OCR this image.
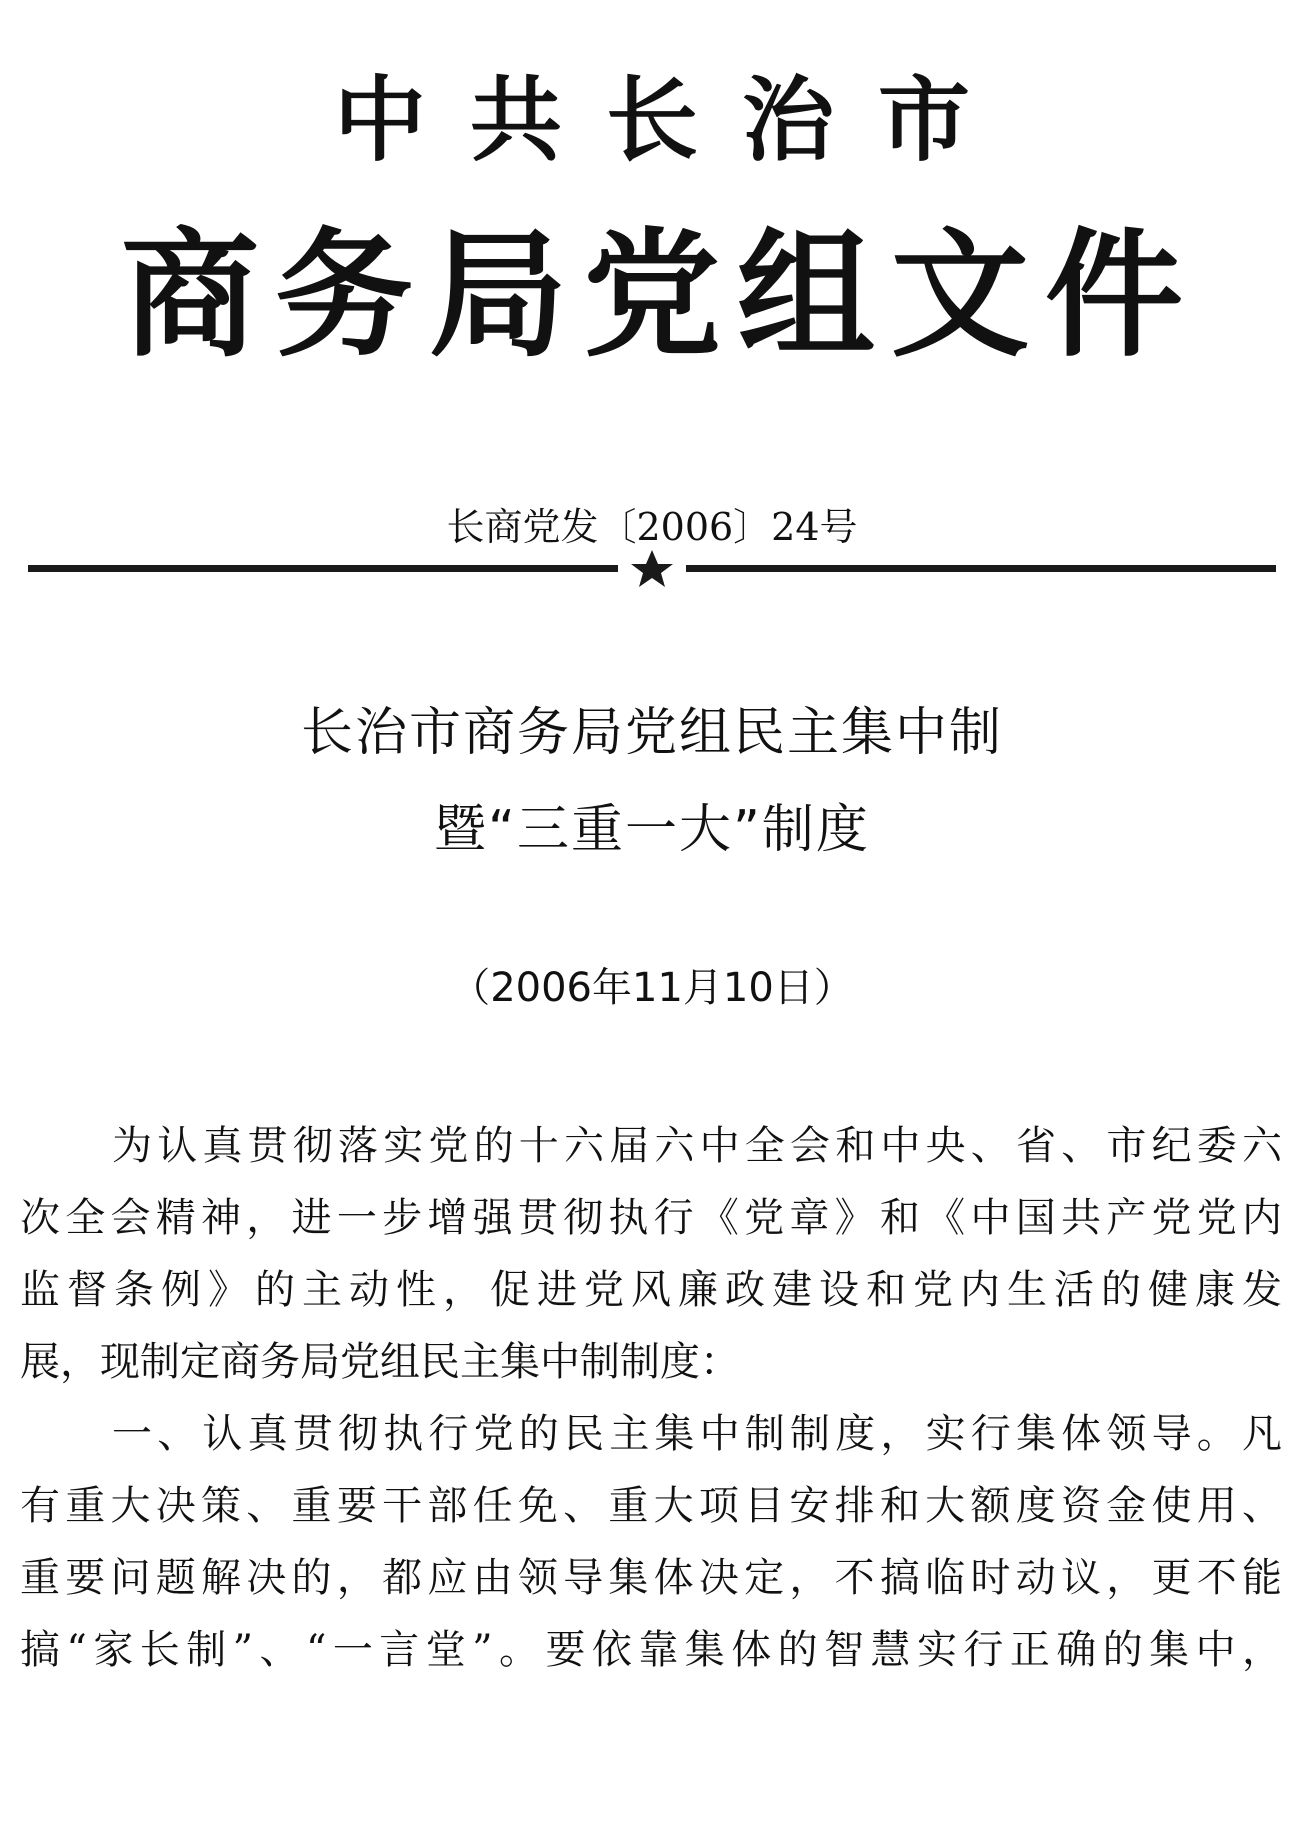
中共长治市
商务局党组文件
长商党发〔2006〕24号
长治市商务局党组民主集中制
暨“三重一大”制度
（2006年11月10日）
为认真贯彻落实党的十六届六中全会和中央、省、市纪委六
次全会精神，进一步增强贯彻执行《党章》和《中国共产党党内
监督条例》的主动性，促进党风廉政建设和党内生活的健康发
展，现制定商务局党组民主集中制制度：
一、认真贯彻执行党的民主集中制制度，实行集体领导。凡
有重大决策、重要干部任免、重大项目安排和大额度资金使用、
重要问题解决的，都应由领导集体决定，不搞临时动议，更不能
搞“家长制”、“一言堂”。要依靠集体的智慧实行正确的集中，
